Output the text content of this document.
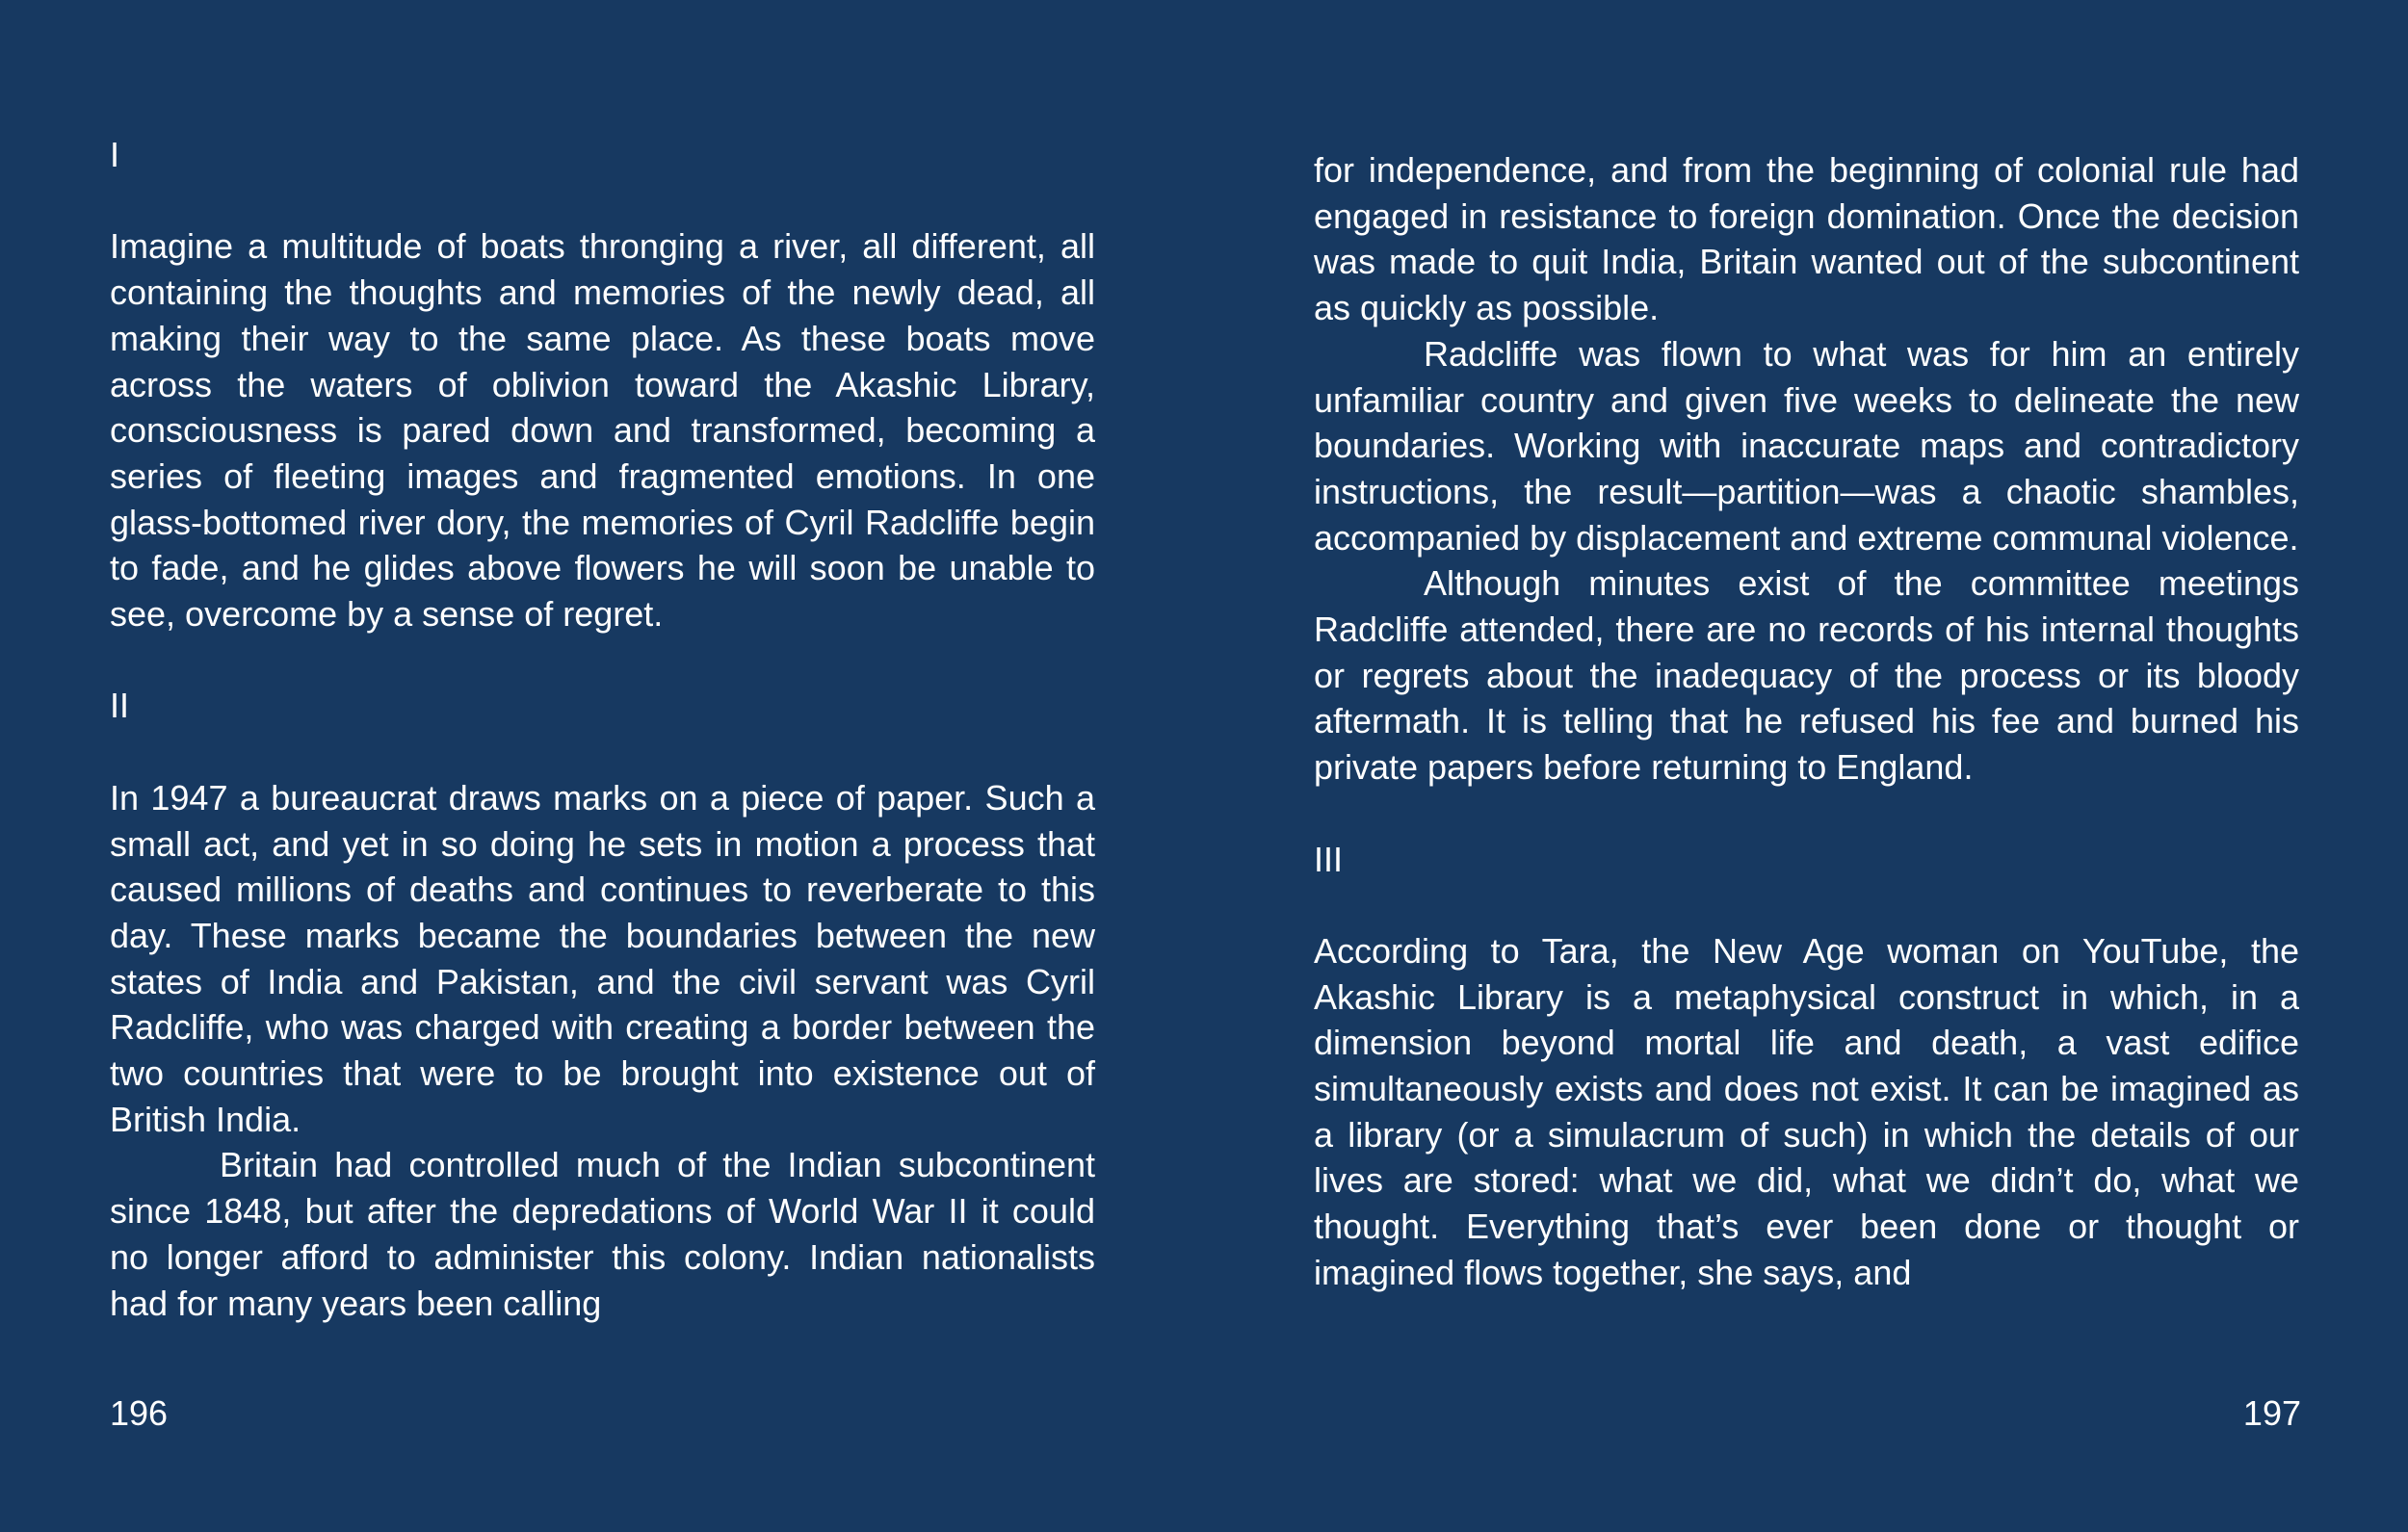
I

Imagine a multitude of boats thronging a river, all different, all containing the thoughts and memories of the newly dead, all making their way to the same place. As these boats move across the waters of oblivion toward the Akashic Library, consciousness is pared down and transformed, becoming a series of fleeting images and fragmented emotions. In one glass-bottomed river dory, the memories of Cyril Radcliffe begin to fade, and he glides above flowers he will soon be unable to see, overcome by a sense of regret.

II

In 1947 a bureaucrat draws marks on a piece of paper. Such a small act, and yet in so doing he sets in motion a process that caused millions of deaths and continues to reverberate to this day. These marks became the boundaries between the new states of India and Pakistan, and the civil servant was Cyril Radcliffe, who was charged with creating a border between the two countries that were to be brought into existence out of British India.

Britain had controlled much of the Indian subcontinent since 1848, but after the depredations of World War II it could no longer afford to administer this colony. Indian nationalists had for many years been calling

196

for independence, and from the beginning of colonial rule had engaged in resistance to foreign domination. Once the decision was made to quit India, Britain wanted out of the subcontinent as quickly as possible.

Radcliffe was flown to what was for him an entirely unfamiliar country and given five weeks to delineate the new boundaries. Working with inaccurate maps and contradictory instructions, the result—partition—was a chaotic shambles, accompanied by displacement and extreme communal violence.

Although minutes exist of the committee meetings Radcliffe attended, there are no records of his internal thoughts or regrets about the inadequacy of the process or its bloody aftermath. It is telling that he refused his fee and burned his private papers before returning to England.

III

According to Tara, the New Age woman on YouTube, the Akashic Library is a metaphysical construct in which, in a dimension beyond mortal life and death, a vast edifice simultaneously exists and does not exist. It can be imagined as a library (or a simulacrum of such) in which the details of our lives are stored: what we did, what we didn’t do, what we thought. Everything that’s ever been done or thought or imagined flows together, she says, and

197
